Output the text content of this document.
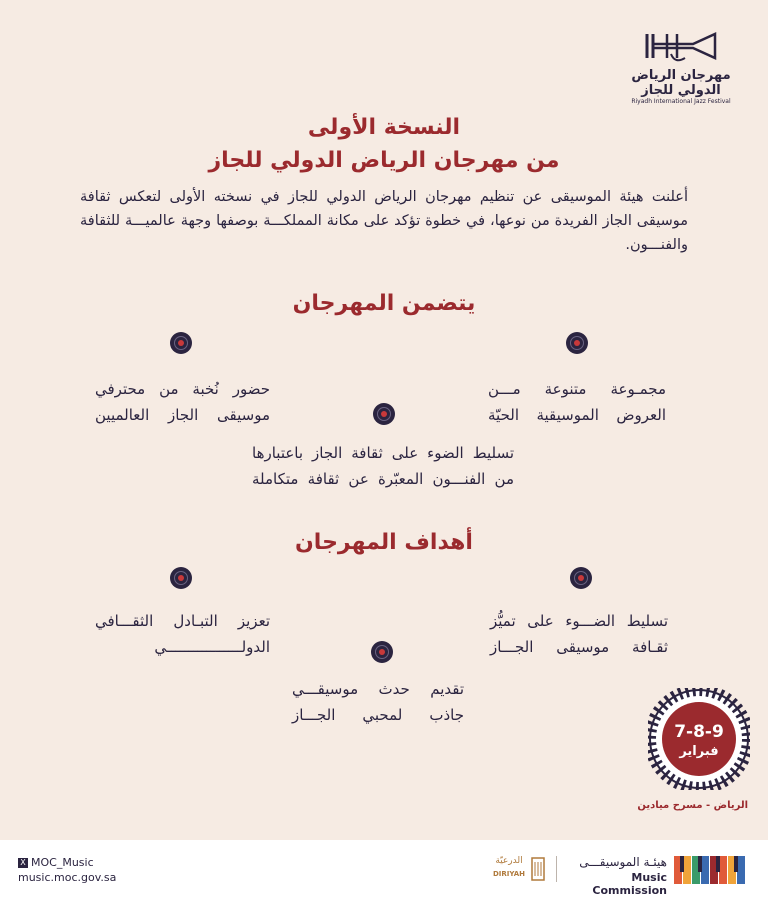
مهرجان الرياض
الدولي للجاز
Riyadh International Jazz Festival
النسخة الأولى
من مهرجان الرياض الدولي للجاز
أعلنت هيئة الموسيقى عن تنظيم مهرجان الرياض الدولي للجاز في نسخته الأولى لتعكس ثقافة موسيقى الجاز الفريدة من نوعها، في خطوة تؤكد على مكانة المملكـــة بوصفها وجهة عالميـــة للثقافة والفنـــون.
يتضمن المهرجان
مجمـوعة متنوعة مـــن
العروض الموسيقية الحيّة
حضور نُخبة من محترفي
موسيقى الجاز العالميين
تسليط الضوء على ثقافة الجاز باعتبارها
من الفنـــون المعبّرة عن ثقافة متكاملة
أهداف المهرجان
تسليط الضـــوء على تميُّز
ثقـافة موسيقى الجـــاز
تعزيز التبـادل الثقـــافي
الدولـــــــــــــــــي
تقديم حدث موسيقـــي
جاذب لمحبي الجـــاز
7-8-9
فبراير
الرياض - مسرح ميادين
X MOC_Music
music.moc.gov.sa
الدرعيّة
DIRIYAH
هيئـة الموسيقـــى
Music Commission
